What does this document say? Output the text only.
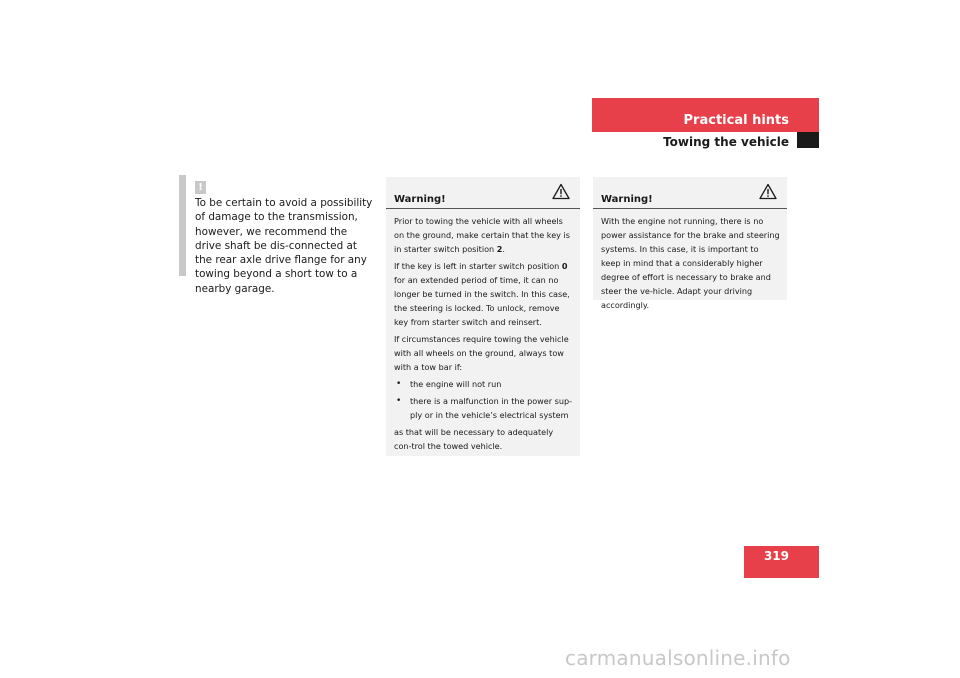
Practical hints
Towing the vehicle
!

To be certain to avoid a possibility of damage to the transmission, however, we recommend the drive shaft be dis-connected at the rear axle drive flange for any towing beyond a short tow to a nearby garage.

Warning!

Prior to towing the vehicle with all wheels on the ground, make certain that the key is in starter switch position 2.

If the key is left in starter switch position 0 for an extended period of time, it can no longer be turned in the switch. In this case, the steering is locked. To unlock, remove key from starter switch and reinsert.

If circumstances require towing the vehicle with all wheels on the ground, always tow with a tow bar if:

• the engine will not run
• there is a malfunction in the power sup-ply or in the vehicle’s electrical system

as that will be necessary to adequately con-trol the towed vehicle.

Warning!

With the engine not running, there is no power assistance for the brake and steering systems. In this case, it is important to keep in mind that a considerably higher degree of effort is necessary to brake and steer the ve-hicle. Adapt your driving accordingly.

319
carmanualsonline.info
